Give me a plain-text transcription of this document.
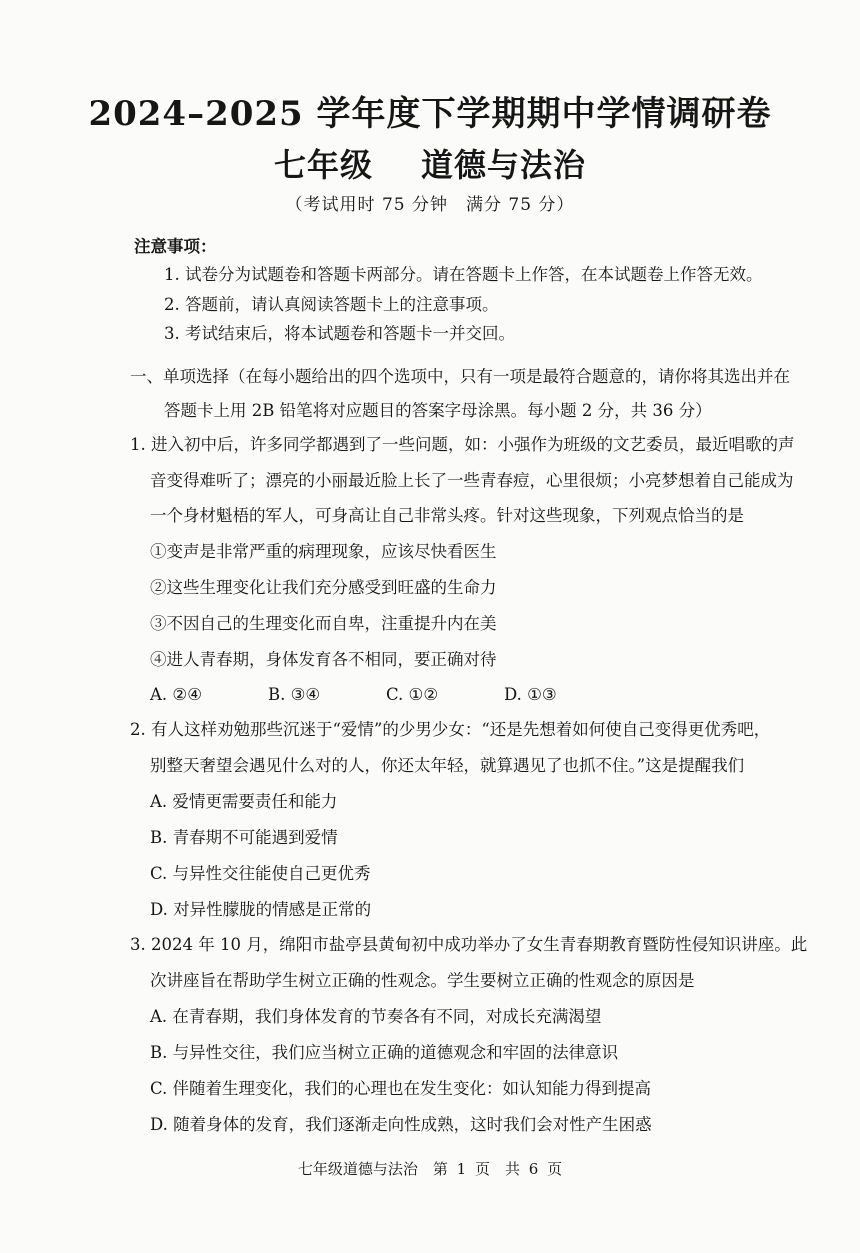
2024–2025 学年度下学期期中学情调研卷
七年级 道德与法治
（考试用时 75 分钟　满分 75 分）
注意事项：
1. 试卷分为试题卷和答题卡两部分。请在答题卡上作答，在本试题卷上作答无效。
2. 答题前，请认真阅读答题卡上的注意事项。
3. 考试结束后，将本试题卷和答题卡一并交回。
一、单项选择（在每小题给出的四个选项中，只有一项是最符合题意的，请你将其选出并在
答题卡上用 2B 铅笔将对应题目的答案字母涂黑。每小题 2 分，共 36 分）
1. 进入初中后，许多同学都遇到了一些问题，如：小强作为班级的文艺委员，最近唱歌的声
音变得难听了；漂亮的小丽最近脸上长了一些青春痘，心里很烦；小亮梦想着自己能成为
一个身材魁梧的军人，可身高让自己非常头疼。针对这些现象，下列观点恰当的是
①变声是非常严重的病理现象，应该尽快看医生
②这些生理变化让我们充分感受到旺盛的生命力
③不因自己的生理变化而自卑，注重提升内在美
④进人青春期，身体发育各不相同，要正确对待
A. ②④	B. ③④	C. ①②	D. ①③
2. 有人这样劝勉那些沉迷于“爱情”的少男少女：“还是先想着如何使自己变得更优秀吧，
别整天奢望会遇见什么对的人，你还太年轻，就算遇见了也抓不住。”这是提醒我们
A. 爱情更需要责任和能力
B. 青春期不可能遇到爱情
C. 与异性交往能使自己更优秀
D. 对异性朦胧的情感是正常的
3. 2024 年 10 月，绵阳市盐亭县黄甸初中成功举办了女生青春期教育暨防性侵知识讲座。此
次讲座旨在帮助学生树立正确的性观念。学生要树立正确的性观念的原因是
A. 在青春期，我们身体发育的节奏各有不同，对成长充满渴望
B. 与异性交往，我们应当树立正确的道德观念和牢固的法律意识
C. 伴随着生理变化，我们的心理也在发生变化：如认知能力得到提高
D. 随着身体的发育，我们逐渐走向性成熟，这时我们会对性产生困惑
七年级道德与法治　第 1 页　共 6 页
